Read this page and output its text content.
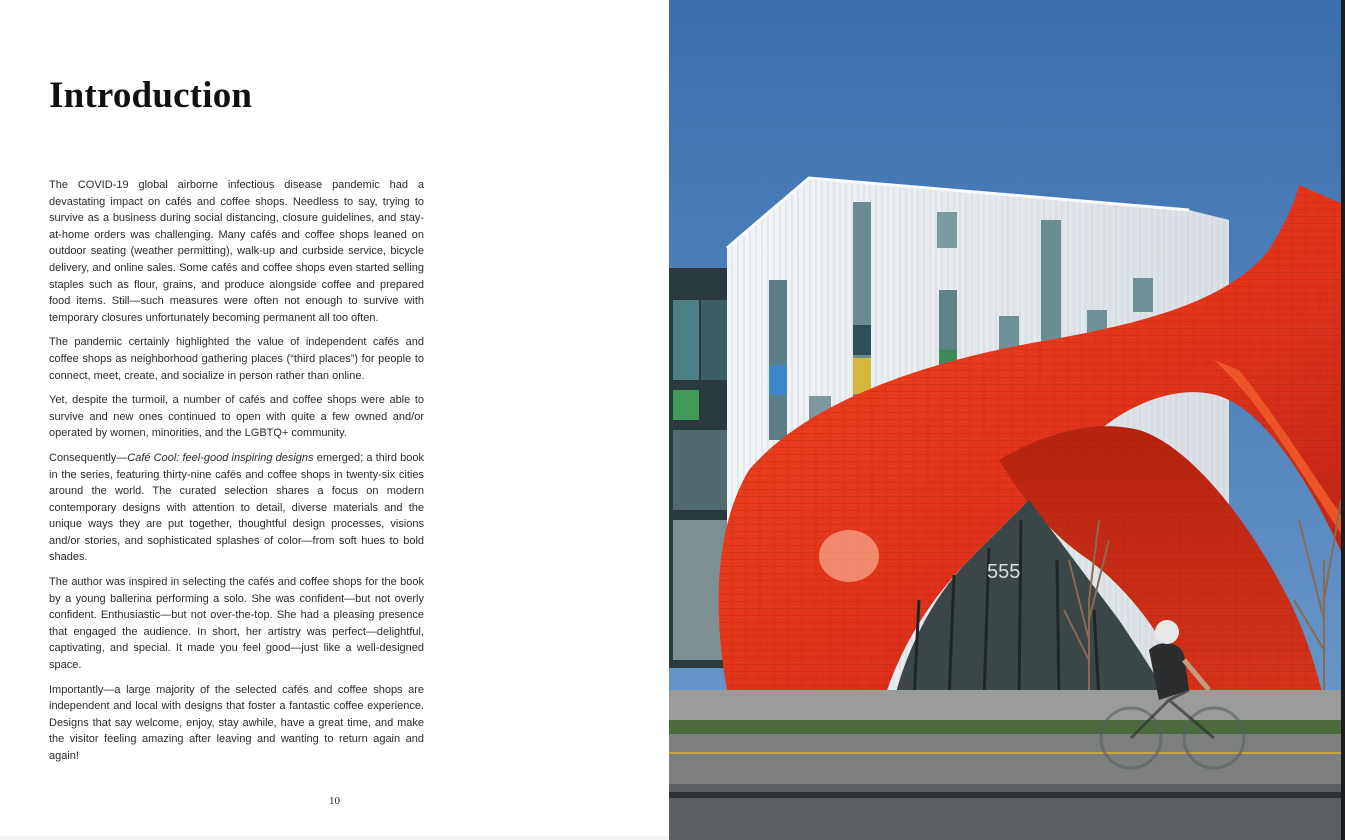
Introduction

The COVID-19 global airborne infectious disease pandemic had a devastating impact on cafés and coffee shops. Needless to say, trying to survive as a business during social distancing, closure guidelines, and stay-at-home orders was challenging. Many cafés and coffee shops leaned on outdoor seating (weather permitting), walk-up and curbside service, bicycle delivery, and online sales. Some cafés and coffee shops even started selling staples such as flour, grains, and produce alongside coffee and prepared food items. Still—such measures were often not enough to survive with temporary closures unfortunately becoming permanent all too often.

The pandemic certainly highlighted the value of independent cafés and coffee shops as neighborhood gathering places (“third places”) for people to connect, meet, create, and socialize in person rather than online.

Yet, despite the turmoil, a number of cafés and coffee shops were able to survive and new ones continued to open with quite a few owned and/or operated by women, minorities, and the LGBTQ+ community.

Consequently—Café Cool: feel-good inspiring designs emerged; a third book in the series, featuring thirty-nine cafés and coffee shops in twenty-six cities around the world. The curated selection shares a focus on modern contemporary designs with attention to detail, diverse materials and the unique ways they are put together, thoughtful design processes, visions and/or stories, and sophisticated splashes of color—from soft hues to bold shades.

The author was inspired in selecting the cafés and coffee shops for the book by a young ballerina performing a solo. She was confident—but not overly confident. Enthusiastic—but not over-the-top. She had a pleasing presence that engaged the audience. In short, her artistry was perfect—delightful, captivating, and special. It made you feel good—just like a well-designed space.

Importantly—a large majority of the selected cafés and coffee shops are independent and local with designs that foster a fantastic coffee experience. Designs that say welcome, enjoy, stay awhile, have a great time, and make the visitor feeling amazing after leaving and wanting to return again and again!

10
555
